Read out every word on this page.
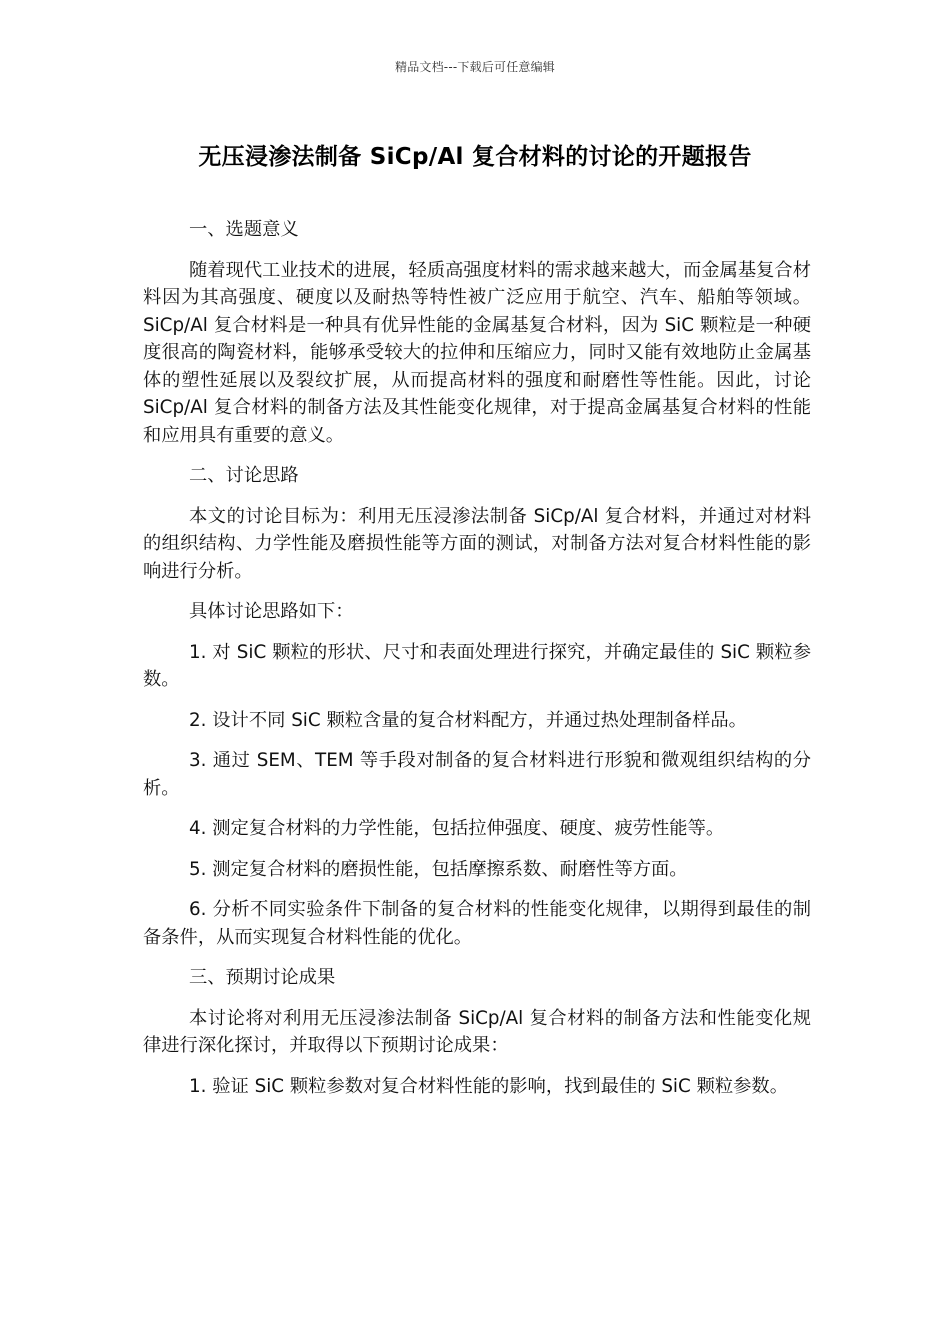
精品文档---下载后可任意编辑
无压浸渗法制备 SiCp/Al 复合材料的讨论的开题报告

一、选题意义

随着现代工业技术的进展，轻质高强度材料的需求越来越大，而金属基复合材料因为其高强度、硬度以及耐热等特性被广泛应用于航空、汽车、船舶等领域。SiCp/Al 复合材料是一种具有优异性能的金属基复合材料，因为 SiC 颗粒是一种硬度很高的陶瓷材料，能够承受较大的拉伸和压缩应力，同时又能有效地防止金属基体的塑性延展以及裂纹扩展，从而提高材料的强度和耐磨性等性能。因此，讨论 SiCp/Al 复合材料的制备方法及其性能变化规律，对于提高金属基复合材料的性能和应用具有重要的意义。

二、讨论思路

本文的讨论目标为：利用无压浸渗法制备 SiCp/Al 复合材料，并通过对材料的组织结构、力学性能及磨损性能等方面的测试，对制备方法对复合材料性能的影响进行分析。

具体讨论思路如下：

1. 对 SiC 颗粒的形状、尺寸和表面处理进行探究，并确定最佳的 SiC 颗粒参数。

2. 设计不同 SiC 颗粒含量的复合材料配方，并通过热处理制备样品。

3. 通过 SEM、TEM 等手段对制备的复合材料进行形貌和微观组织结构的分析。

4. 测定复合材料的力学性能，包括拉伸强度、硬度、疲劳性能等。

5. 测定复合材料的磨损性能，包括摩擦系数、耐磨性等方面。

6. 分析不同实验条件下制备的复合材料的性能变化规律，以期得到最佳的制备条件，从而实现复合材料性能的优化。

三、预期讨论成果

本讨论将对利用无压浸渗法制备 SiCp/Al 复合材料的制备方法和性能变化规律进行深化探讨，并取得以下预期讨论成果：

1. 验证 SiC 颗粒参数对复合材料性能的影响，找到最佳的 SiC 颗粒参数。
